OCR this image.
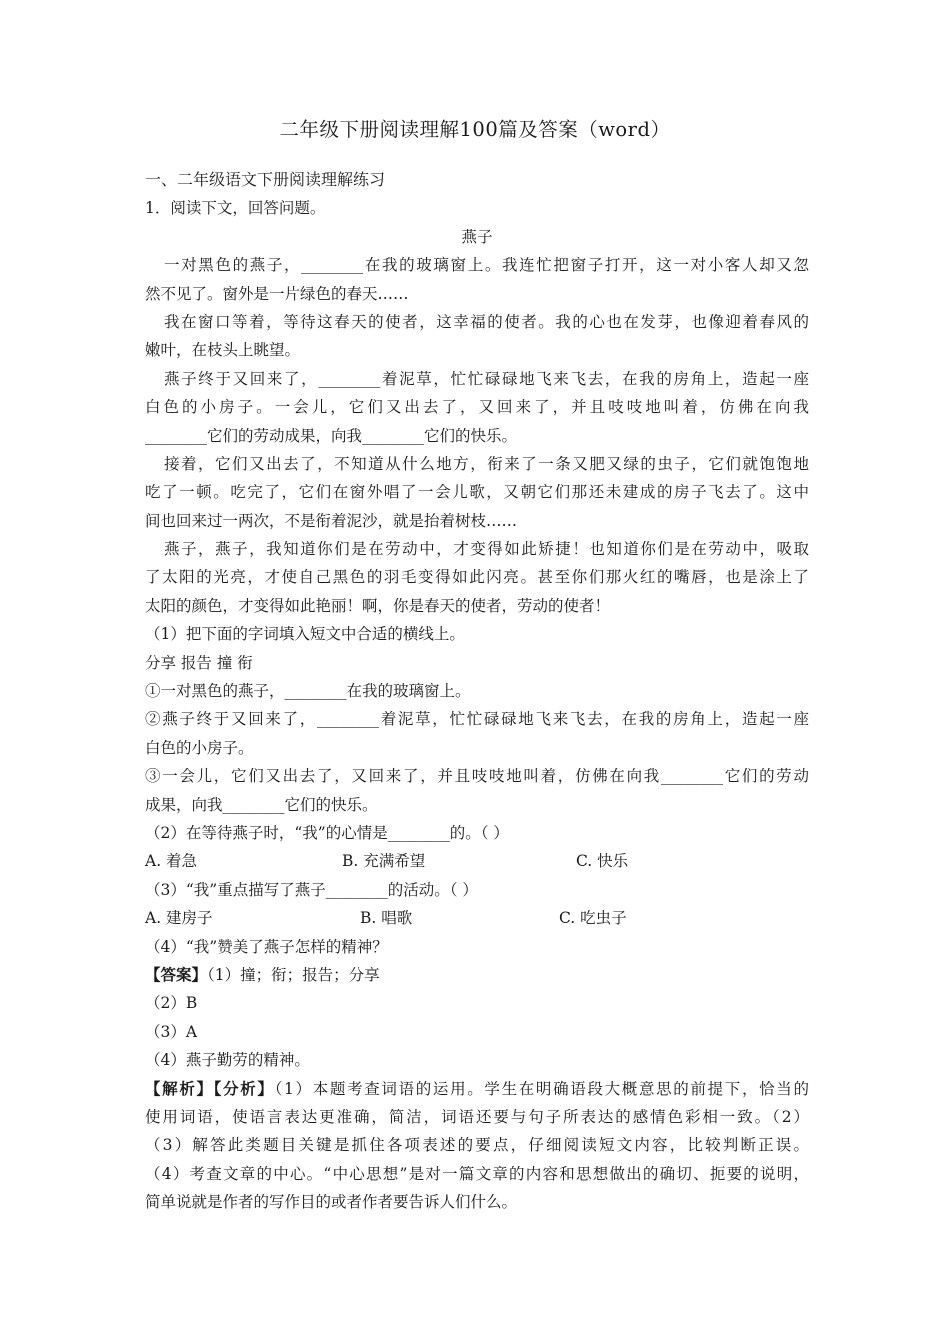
二年级下册阅读理解100篇及答案（word）
一、二年级语文下册阅读理解练习
1．阅读下文，回答问题。
燕子
一对黑色的燕子，________在我的玻璃窗上。我连忙把窗子打开，这一对小客人却又忽
然不见了。窗外是一片绿色的春天……
我在窗口等着，等待这春天的使者，这幸福的使者。我的心也在发芽，也像迎着春风的
嫩叶，在枝头上眺望。
燕子终于又回来了，________着泥草，忙忙碌碌地飞来飞去，在我的房角上，造起一座
白色的小房子。一会儿，它们又出去了，又回来了，并且吱吱地叫着，仿佛在向我
________它们的劳动成果，向我________它们的快乐。
接着，它们又出去了，不知道从什么地方，衔来了一条又肥又绿的虫子，它们就饱饱地
吃了一顿。吃完了，它们在窗外唱了一会儿歌，又朝它们那还未建成的房子飞去了。这中
间也回来过一两次，不是衔着泥沙，就是抬着树枝……
燕子，燕子，我知道你们是在劳动中，才变得如此矫捷！也知道你们是在劳动中，吸取
了太阳的光亮，才使自己黑色的羽毛变得如此闪亮。甚至你们那火红的嘴唇，也是涂上了
太阳的颜色，才变得如此艳丽！啊，你是春天的使者，劳动的使者！
（1）把下面的字词填入短文中合适的横线上。
分享 报告 撞 衔
①一对黑色的燕子，________在我的玻璃窗上。
②燕子终于又回来了，________着泥草，忙忙碌碌地飞来飞去，在我的房角上，造起一座
白色的小房子。
③一会儿，它们又出去了，又回来了，并且吱吱地叫着，仿佛在向我________它们的劳动
成果，向我________它们的快乐。
（2）在等待燕子时，“我”的心情是________的。（ ）
A. 着急	B. 充满希望	C. 快乐
（3）“我”重点描写了燕子________的活动。（ ）
A. 建房子	B. 唱歌	C. 吃虫子
（4）“我”赞美了燕子怎样的精神？
【答案】（1）撞；衔；报告；分享
（2）B
（3）A
（4）燕子勤劳的精神。
【解析】【分析】（1）本题考查词语的运用。学生在明确语段大概意思的前提下，恰当的
使用词语，使语言表达更准确，简洁，词语还要与句子所表达的感情色彩相一致。（2）
（3）解答此类题目关键是抓住各项表述的要点，仔细阅读短文内容，比较判断正误。
（4）考查文章的中心。“中心思想”是对一篇文章的内容和思想做出的确切、扼要的说明，
简单说就是作者的写作目的或者作者要告诉人们什么。
